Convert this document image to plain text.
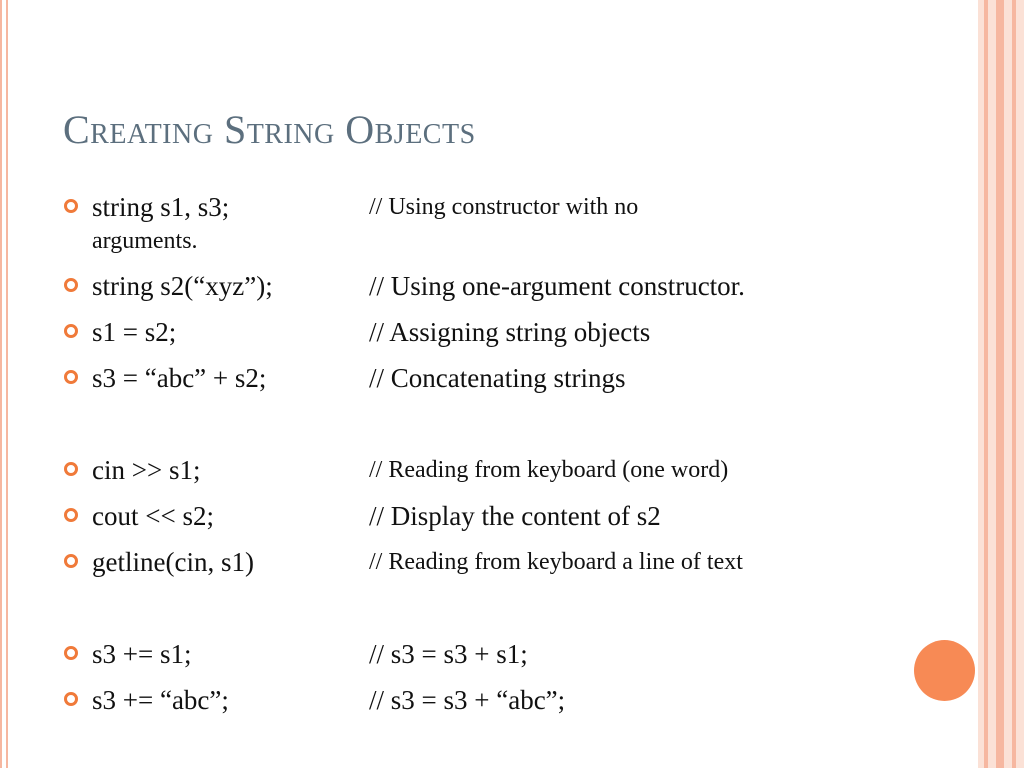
Creating String Objects
string s1, s3;	// Using constructor with no
arguments.
string s2(“xyz”);	// Using one-argument constructor.
s1 = s2;	// Assigning string objects
s3 = “abc” + s2;	// Concatenating strings
cin >> s1;	// Reading from keyboard (one word)
cout << s2;	// Display the content of s2
getline(cin, s1)	// Reading from keyboard a line of text
s3 += s1;	// s3 = s3 + s1;
s3 += “abc”;	// s3 = s3 + “abc”;
